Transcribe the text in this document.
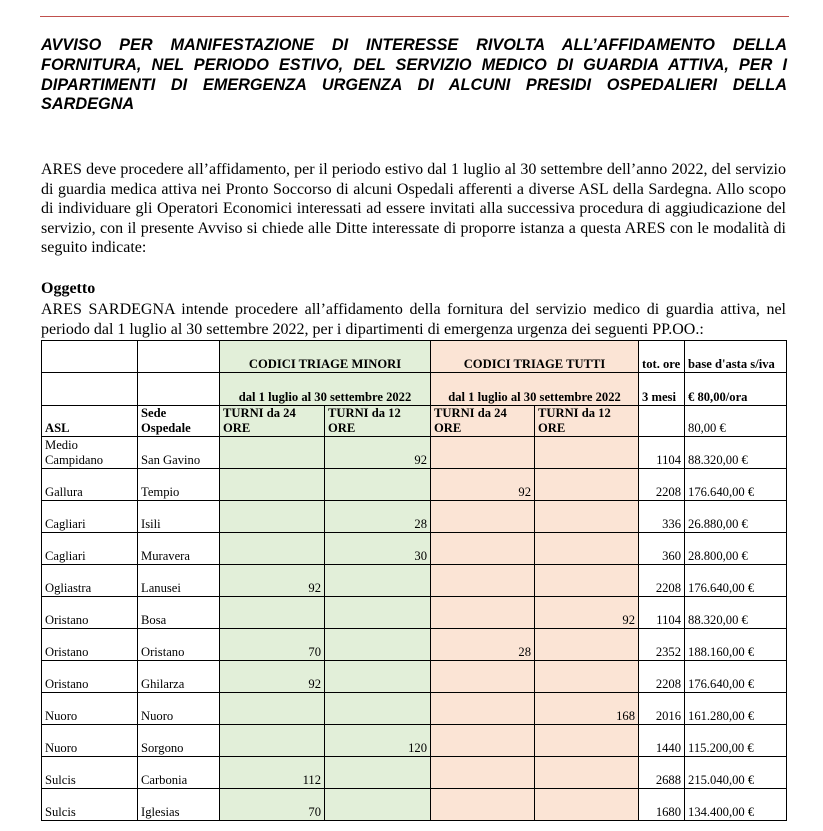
AVVISO PER MANIFESTAZIONE DI INTERESSE RIVOLTA ALL’AFFIDAMENTO DELLA FORNITURA, NEL PERIODO ESTIVO, DEL SERVIZIO MEDICO DI GUARDIA ATTIVA, PER I DIPARTIMENTI DI EMERGENZA URGENZA DI ALCUNI PRESIDI OSPEDALIERI DELLA SARDEGNA
ARES deve procedere all’affidamento, per il periodo estivo dal 1 luglio al 30 settembre dell’anno 2022, del servizio di guardia medica attiva nei Pronto Soccorso di alcuni Ospedali afferenti a diverse ASL della Sardegna. Allo scopo di individuare gli Operatori Economici interessati ad essere invitati alla successiva procedura di aggiudicazione del servizio, con il presente Avviso si chiede alle Ditte interessate di proporre istanza a questa ARES con le modalità di seguito indicate:
Oggetto
ARES SARDEGNA intende procedere all’affidamento della fornitura del servizio medico di guardia attiva, nel periodo dal 1 luglio al 30 settembre 2022, per i dipartimenti di emergenza urgenza dei seguenti PP.OO.:
		CODICI TRIAGE MINORI		CODICI TRIAGE TUTTI		tot. ore	base d'asta s/iva
		dal 1 luglio al 30 settembre 2022		dal 1 luglio al 30 settembre 2022		3 mesi	€ 80,00/ora
ASL	Sede Ospedale	TURNI da 24 ORE	TURNI da 12 ORE	TURNI da 24 ORE	TURNI da 12 ORE		80,00 €
Medio Campidano	San Gavino		92			1104	88.320,00 €
Gallura	Tempio			92		2208	176.640,00 €
Cagliari	Isili		28			336	26.880,00 €
Cagliari	Muravera		30			360	28.800,00 €
Ogliastra	Lanusei	92				2208	176.640,00 €
Oristano	Bosa				92	1104	88.320,00 €
Oristano	Oristano	70		28		2352	188.160,00 €
Oristano	Ghilarza	92				2208	176.640,00 €
Nuoro	Nuoro				168	2016	161.280,00 €
Nuoro	Sorgono		120			1440	115.200,00 €
Sulcis	Carbonia	112				2688	215.040,00 €
Sulcis	Iglesias	70				1680	134.400,00 €
